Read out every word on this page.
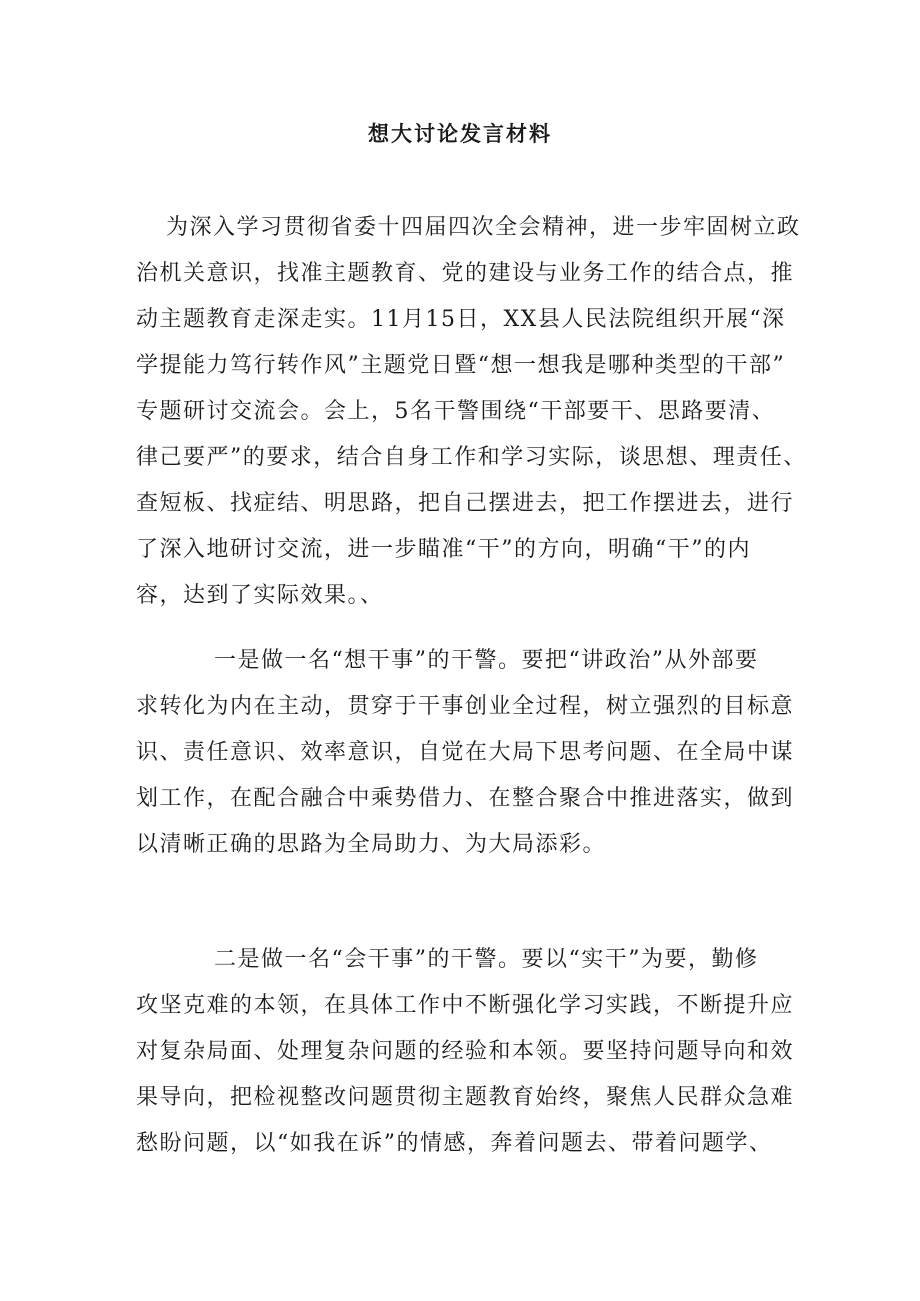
想大讨论发言材料
为深入学习贯彻省委十四届四次全会精神，进一步牢固树立政
治机关意识，找准主题教育、党的建设与业务工作的结合点，推
动主题教育走深走实。11月15日，XX县人民法院组织开展“深
学提能力笃行转作风”主题党日暨“想一想我是哪种类型的干部”
专题研讨交流会。会上，5名干警围绕“干部要干、思路要清、
律己要严”的要求，结合自身工作和学习实际，谈思想、理责任、
查短板、找症结、明思路，把自己摆进去，把工作摆进去，进行
了深入地研讨交流，进一步瞄准“干”的方向，明确“干”的内
容，达到了实际效果。、
一是做一名“想干事”的干警。要把“讲政治”从外部要
求转化为内在主动，贯穿于干事创业全过程，树立强烈的目标意
识、责任意识、效率意识，自觉在大局下思考问题、在全局中谋
划工作，在配合融合中乘势借力、在整合聚合中推进落实，做到
以清晰正确的思路为全局助力、为大局添彩。
二是做一名“会干事”的干警。要以“实干”为要，勤修
攻坚克难的本领，在具体工作中不断强化学习实践，不断提升应
对复杂局面、处理复杂问题的经验和本领。要坚持问题导向和效
果导向，把检视整改问题贯彻主题教育始终，聚焦人民群众急难
愁盼问题，以“如我在诉”的情感，奔着问题去、带着问题学、
